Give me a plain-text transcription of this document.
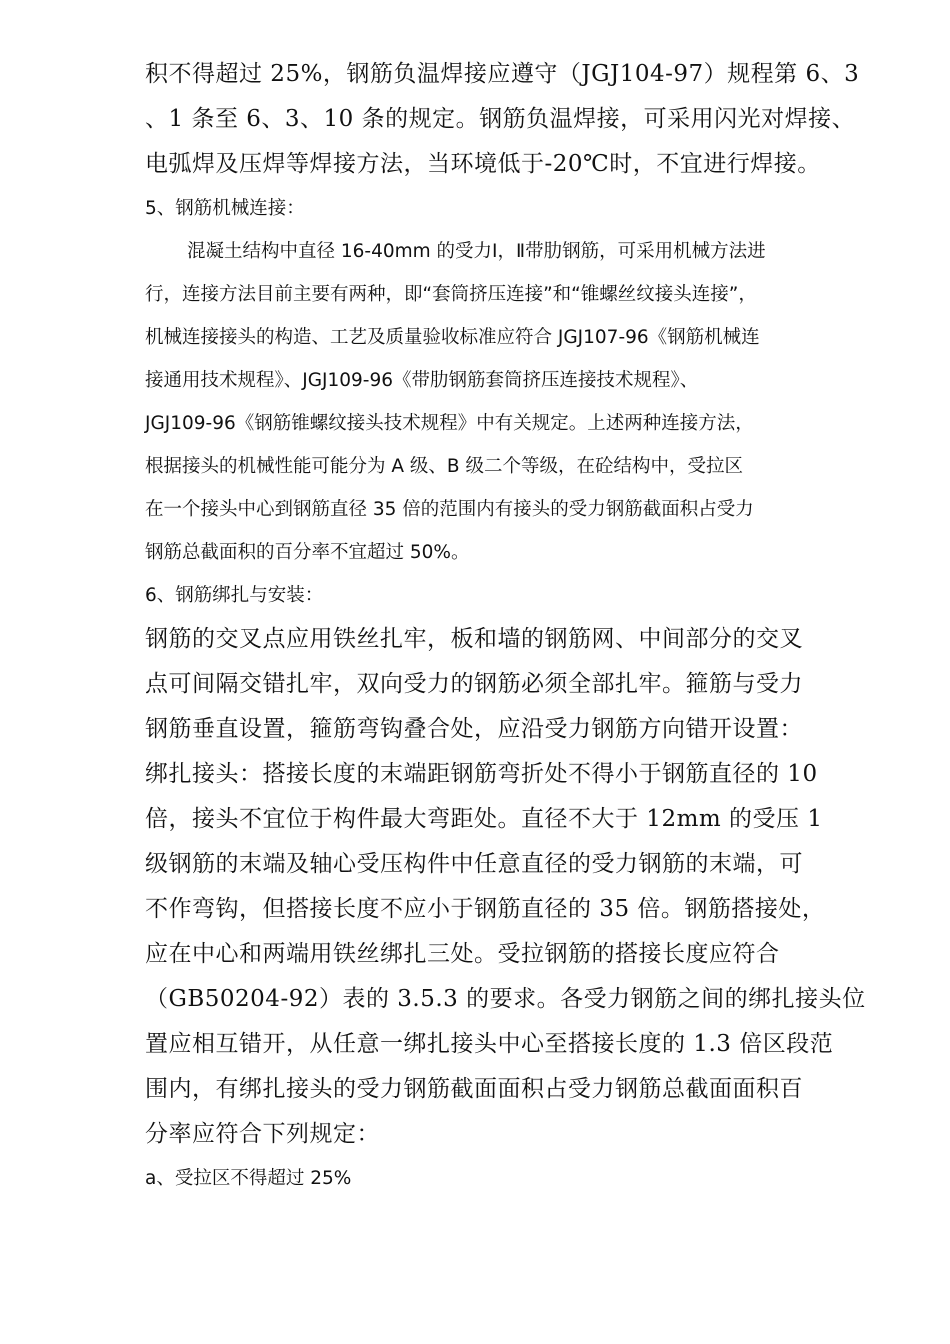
积不得超过 25%，钢筋负温焊接应遵守（JGJ104-97）规程第 6、3
、1 条至 6、3、10 条的规定。钢筋负温焊接，可采用闪光对焊接、
电弧焊及压焊等焊接方法，当环境低于-20℃时，不宜进行焊接。
5、钢筋机械连接：
混凝土结构中直径 16-40mm 的受力Ⅰ，Ⅱ带肋钢筋，可采用机械方法进
行，连接方法目前主要有两种，即“套筒挤压连接”和“锥螺丝纹接头连接”，
机械连接接头的构造、工艺及质量验收标准应符合 JGJ107-96《钢筋机械连
接通用技术规程》、JGJ109-96《带肋钢筋套筒挤压连接技术规程》、
JGJ109-96《钢筋锥螺纹接头技术规程》中有关规定。上述两种连接方法，
根据接头的机械性能可能分为 A 级、B 级二个等级，在砼结构中，受拉区
在一个接头中心到钢筋直径 35 倍的范围内有接头的受力钢筋截面积占受力
钢筋总截面积的百分率不宜超过 50%。
6、钢筋绑扎与安装：
钢筋的交叉点应用铁丝扎牢，板和墙的钢筋网、中间部分的交叉
点可间隔交错扎牢，双向受力的钢筋必须全部扎牢。箍筋与受力
钢筋垂直设置，箍筋弯钩叠合处，应沿受力钢筋方向错开设置：
绑扎接头：搭接长度的末端距钢筋弯折处不得小于钢筋直径的 10
倍，接头不宜位于构件最大弯距处。直径不大于 12mm 的受压 1
级钢筋的末端及轴心受压构件中任意直径的受力钢筋的末端，可
不作弯钩，但搭接长度不应小于钢筋直径的 35 倍。钢筋搭接处，
应在中心和两端用铁丝绑扎三处。受拉钢筋的搭接长度应符合
（GB50204-92）表的 3.5.3 的要求。各受力钢筋之间的绑扎接头位
置应相互错开，从任意一绑扎接头中心至搭接长度的 1.3 倍区段范
围内，有绑扎接头的受力钢筋截面面积占受力钢筋总截面面积百
分率应符合下列规定：
a、受拉区不得超过 25%
